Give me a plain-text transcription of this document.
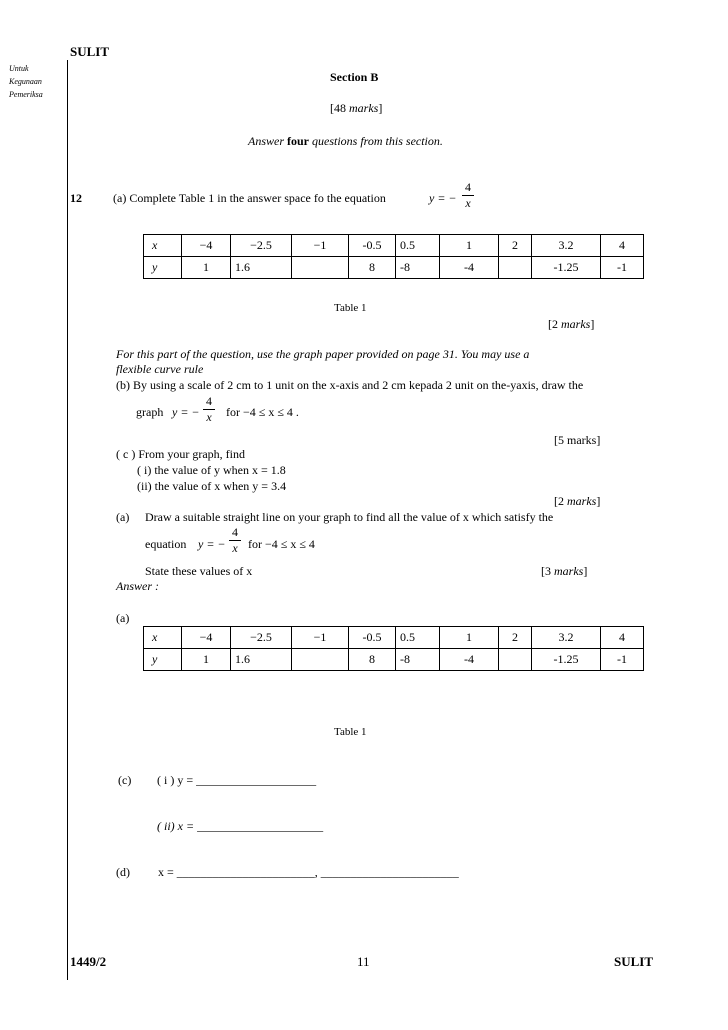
SULIT
Untuk
Kegunaan
Pemeriksa
Section B
[48 marks]
Answer four questions from this section.
12	(a) Complete Table 1 in the answer space fo the equation	y = −
4
x
x	−4	−2.5	−1	-0.5	0.5	1	2	3.2	4
y	1	1.6		8	-8	-4		-1.25	-1
Table 1
[2 marks]
For this part of the question, use the graph paper provided on page 31. You may use a
flexible curve rule
(b) By using a scale of 2 cm to 1 unit on the x-axis and 2 cm kepada 2 unit on the-yaxis, draw the
graph y = −
4
x for −4 ≤ x ≤ 4 .
[5 marks]
( c ) From your graph, find
( i) the value of y when x = 1.8
(ii) the value of x when y = 3.4
[2 marks]
(a) Draw a suitable straight line on your graph to find all the value of x which satisfy the
equation y = −
4
x for −4 ≤ x ≤ 4
State these values of x	[3 marks]
Answer :
(a)
x	−4	−2.5	−1	-0.5	0.5	1	2	3.2	4
y	1	1.6		8	-8	-4		-1.25	-1
Table 1
(c) ( i ) y = ____________________
( ii) x = _____________________
(d) x = _______________________, _______________________
1449/2	11	SULIT
